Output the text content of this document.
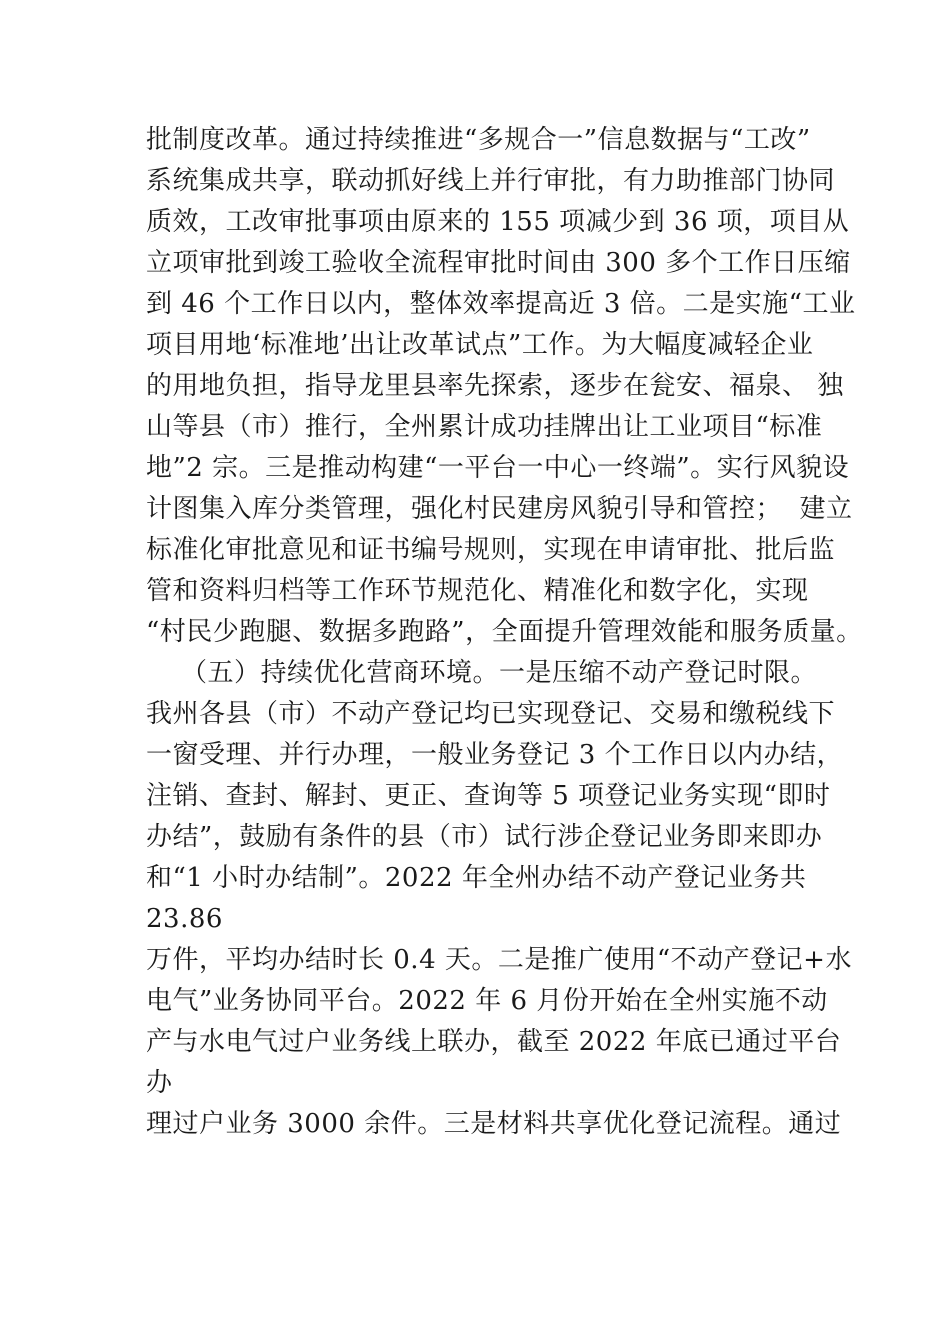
批制度改革。通过持续推进“多规合一”信息数据与“工改”
系统集成共享，联动抓好线上并行审批，有力助推部门协同
质效，工改审批事项由原来的 155 项减少到 36 项，项目从
立项审批到竣工验收全流程审批时间由 300 多个工作日压缩
到 46 个工作日以内，整体效率提高近 3 倍。二是实施“工业
项目用地‘标准地’出让改革试点”工作。为大幅度减轻企业
的用地负担，指导龙里县率先探索，逐步在瓮安、福泉、 独
山等县（市）推行，全州累计成功挂牌出让工业项目“标准
地”2 宗。三是推动构建“一平台一中心一终端”。实行风貌设
计图集入库分类管理，强化村民建房风貌引导和管控；  建立
标准化审批意见和证书编号规则，实现在申请审批、批后监
管和资料归档等工作环节规范化、精准化和数字化，实现
“村民少跑腿、数据多跑路”，全面提升管理效能和服务质量。
（五）持续优化营商环境。一是压缩不动产登记时限。
我州各县（市）不动产登记均已实现登记、交易和缴税线下
一窗受理、并行办理，一般业务登记 3 个工作日以内办结，
注销、查封、解封、更正、查询等 5 项登记业务实现“即时
办结”，鼓励有条件的县（市）试行涉企登记业务即来即办
和“1 小时办结制”。2022 年全州办结不动产登记业务共
23.86
万件，平均办结时长 0.4 天。二是推广使用“不动产登记+水
电气”业务协同平台。2022 年 6 月份开始在全州实施不动
产与水电气过户业务线上联办，截至 2022 年底已通过平台
办
理过户业务 3000 余件。三是材料共享优化登记流程。通过
